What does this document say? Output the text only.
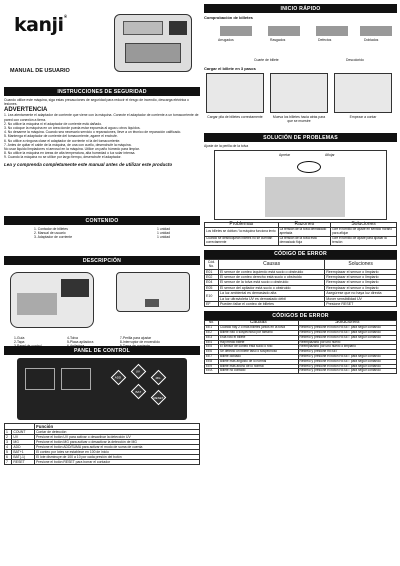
kanji®
MANUAL DE USUARIO
INSTRUCCIONES DE SEGURIDAD
Cuando utilice este máquina, siga estas precauciones de seguridad para reducir el riesgo de incendio, descarga eléctrica o lesiones.
ADVERTENCIA
1. Lea atentamente el adaptador de corriente que viene con la máquina. Conecte el adaptador de corriente a un tomacorriente de pared con conexión a tierra.
2. No utilice la máquina ni el adaptador de corriente está dañado.
3. No coloque la máquina en un área donde pueda estar expuesta al agua u otros líquidos.
4. No desarme la máquina. Cuando sea necesario servicio o reparaciones, lleve a un técnico de reparación calificado.
5. Mantenga el adaptador de corriente del tomacorriente, agarre el enchufe.
6. No utilice a ninguna clase el adaptador de corriente ni la del tomacorriente.
7. Antes de quitar el cable de la máquina, de una con cuello, desenchufe la máquina.
No usar liquido limpiadores ni aerosol en la máquina. Utilice un paño húmedo para limpiar.
8. No utilice la máquina en áreas de alta temperatura, alta humedad o luz solar intensa.
9. Cuando la máquina no se utilice por largo tiempo, desenchufe el adaptador.
Lea y comprenda completamente este manual antes de utilizar este producto
CONTENIDO
1. Contador de billetes	1 unidad
2. Manual de usuario	1 unidad
3. Adaptador de corriente	1 unidad
DESCRIPCIÓN
1-Guía	4-Tolva	7-Perilla para ajustar
2-Tapa	5-Placa apiladora	8-Interruptor de encendido
PANEL DE CONTROL
ADD
UV
MG
BAT
RESET
		Función
1	COUNT	Contar de detección
2	UV	Presione el botón UV para activar o desactivar la detección UV
3	MG	Presione el botón MG para activar o desactivar la detección de MG
4	ADD	Presione el botón ADD/SUMA para activar el modo de suma de cuenta
5	BAT+1	El conteo por lotes se establece en 100 de inicio
6	BAT(-1)	El lote disminuye de 100 a 10 por cada presión del botón
7	RESET	Presione el botón RESET para borrar el contador
INICIO RÁPIDO
Comprobación de billetes
Arrugados	Rasgados	Defectos	Doblados
Cuarte de billete	Descolorido
Cargar el billete en 3 pasos
Cargar pila de billetes correctamente	Mueva los billetes hacia atrás para que se muestre
Empezar a contar
SOLUCIÓN DE PROBLEMAS
Ajuste de la perilla de la tolva
Apretar	Aflojar
Problemas	Razones	Soluciones
Los billetes se doblan / la máquina funciona lento	La tensión de la tolva demasiado apretada	Gire el tornillo de ajuste en sentido horario para aflojar
Cuando se desbloquean billetes no se cuentan correctamente	La tensión de la tolva está demasiado floja	Gire el tornillo de ajuste para ajustar la tensión
CÓDIGO DE ERROR
Cód. No.	Causas	Soluciones
E01	El sensor de conteo izquierdo está sucio o obstruido	Reemplazar el sensor o limpiarlo
E02	El sensor de conteo derecho está sucio o obstruido	Reemplazar el sensor o limpiarlo
E04	El sensor de la tolva está sucio o obstruido	Reemplazar el sensor o limpiarlo
E05	El sensor del apilador está sucio o obstruido	Reemplazar el sensor o limpiarlo
E10	La luz ambiental es demasiado alta	Asegúrese que no haya luz directa
	La luz ultravioleta UV es demasiado débil	Mover sensibilidad UV
EF	Pueden fallar el conteo de billetes	Presione RESET
CÓDIGOS DE ERROR
No.	Causas	Soluciones
EE1	Cuando hay 2 o más billetes juntos en la tolva	Retírelo y presione el botón RESET para seguir contando
EE2	Billete roto o sospechoso por tamaño	Retírelo y presione el botón RESET para seguir contando
EE3	Está roto el billete	Retírelo y presione el botón RESET para seguir contando
EE4	Hay medio billete	Reemplazarlo por uno nuevo
EE5	El sensor de conteo está sucio o roto	Reemplazarlo por uno nuevo o limpiarlo
EE6	Se detectó un billete falso o sospechoso	Retírelo y presione RESET
EE7	Billete doblado	Retírelo y presione el botón RESET para seguir contando
EE8	Billete más angosto de lo normal	Retírelo y presione el botón RESET para seguir contando
EE9	Billete más ancho de lo normal	Retírelo y presione el botón RESET para seguir contando
EEA	Billete no contado	Retírelo y presione el botón RESET para seguir contando
